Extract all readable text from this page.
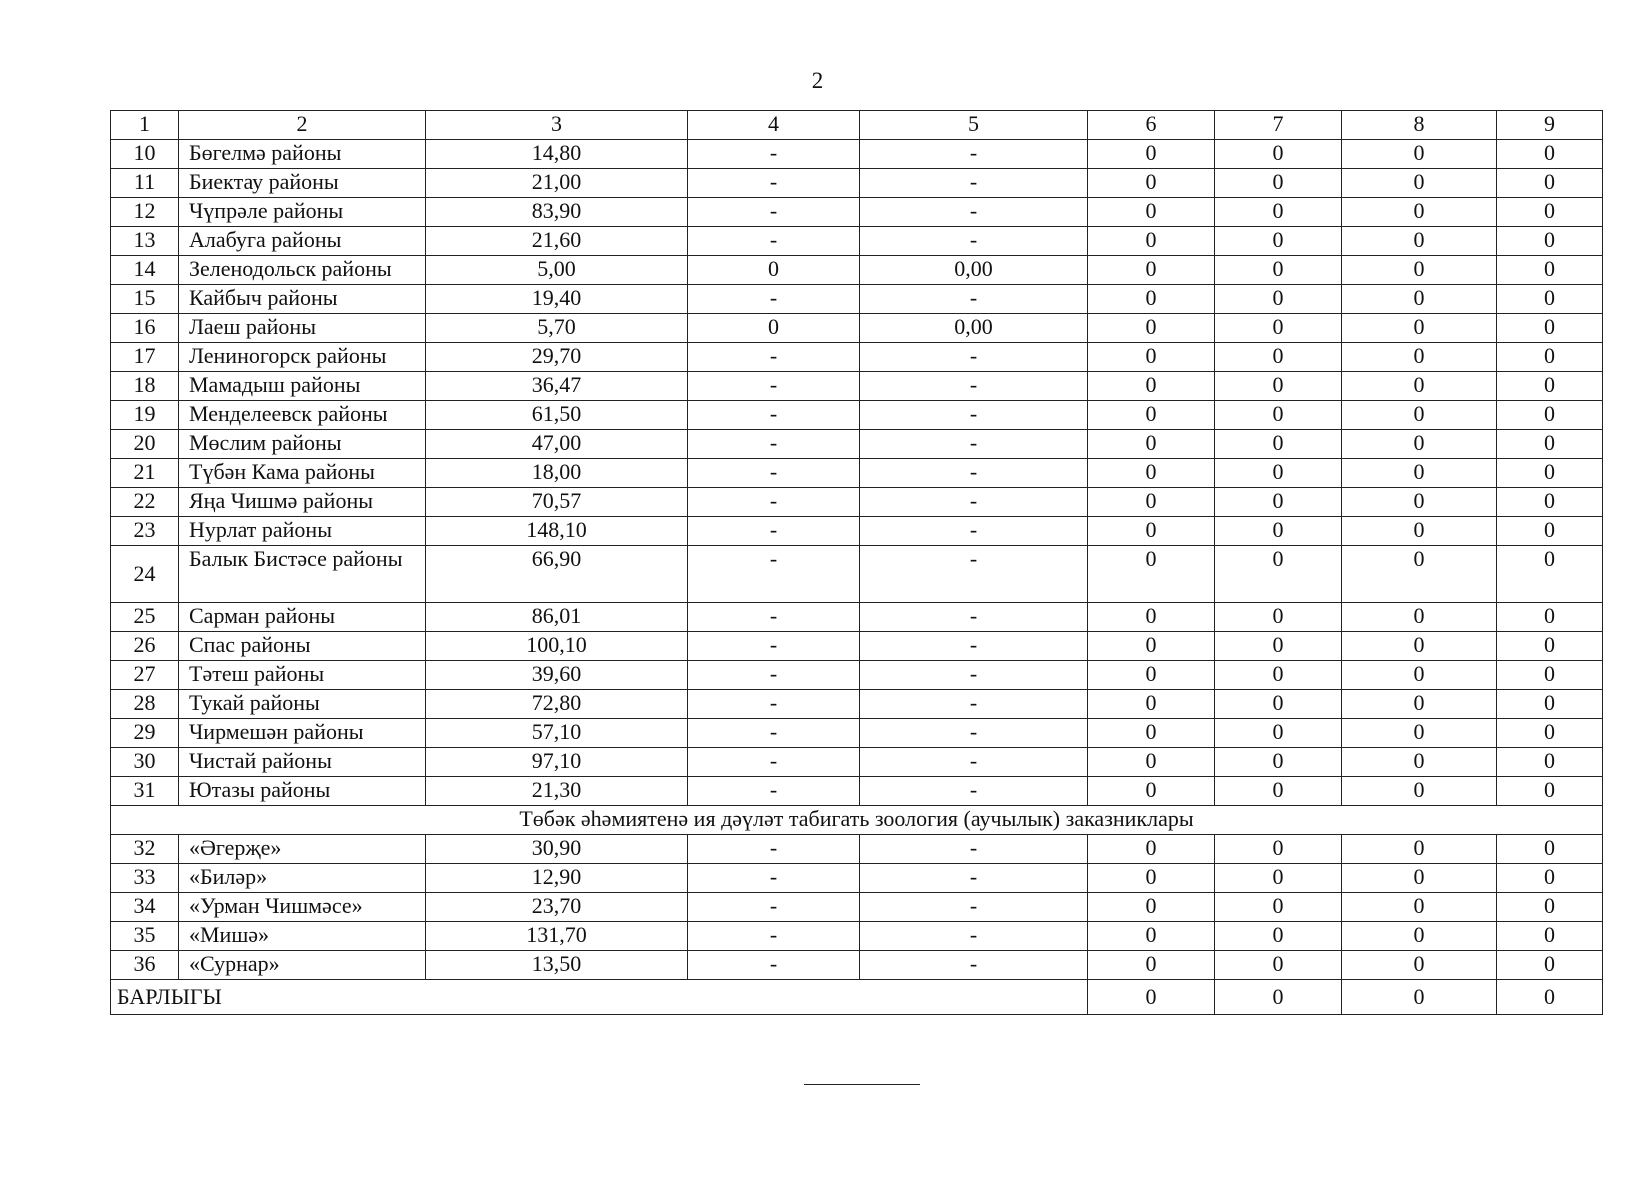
2
1	2	3	4	5	6	7	8	9
10	Бөгелмә районы	14,80	-	-	0	0	0	0
11	Биектау районы	21,00	-	-	0	0	0	0
12	Чүпрәле районы	83,90	-	-	0	0	0	0
13	Алабуга районы	21,60	-	-	0	0	0	0
14	Зеленодольск районы	5,00	0	0,00	0	0	0	0
15	Кайбыч районы	19,40	-	-	0	0	0	0
16	Лаеш районы	5,70	0	0,00	0	0	0	0
17	Лениногорск районы	29,70	-	-	0	0	0	0
18	Мамадыш районы	36,47	-	-	0	0	0	0
19	Менделеевск районы	61,50	-	-	0	0	0	0
20	Мөслим районы	47,00	-	-	0	0	0	0
21	Түбән Кама районы	18,00	-	-	0	0	0	0
22	Яңа Чишмә районы	70,57	-	-	0	0	0	0
23	Нурлат районы	148,10	-	-	0	0	0	0
24	Балык Бистәсе районы	66,90	-	-	0	0	0	0
25	Сарман районы	86,01	-	-	0	0	0	0
26	Спас районы	100,10	-	-	0	0	0	0
27	Тәтеш районы	39,60	-	-	0	0	0	0
28	Тукай районы	72,80	-	-	0	0	0	0
29	Чирмешән районы	57,10	-	-	0	0	0	0
30	Чистай районы	97,10	-	-	0	0	0	0
31	Ютазы районы	21,30	-	-	0	0	0	0
Төбәк әһәмиятенә ия дәүләт табигать зоология (аучылык) заказниклары								
32	«Әгерҗе»	30,90	-	-	0	0	0	0
33	«Биләр»	12,90	-	-	0	0	0	0
34	«Урман Чишмәсе»	23,70	-	-	0	0	0	0
35	«Мишә»	131,70	-	-	0	0	0	0
36	«Сурнар»	13,50	-	-	0	0	0	0
БАРЛЫГЫ					0	0	0	0
